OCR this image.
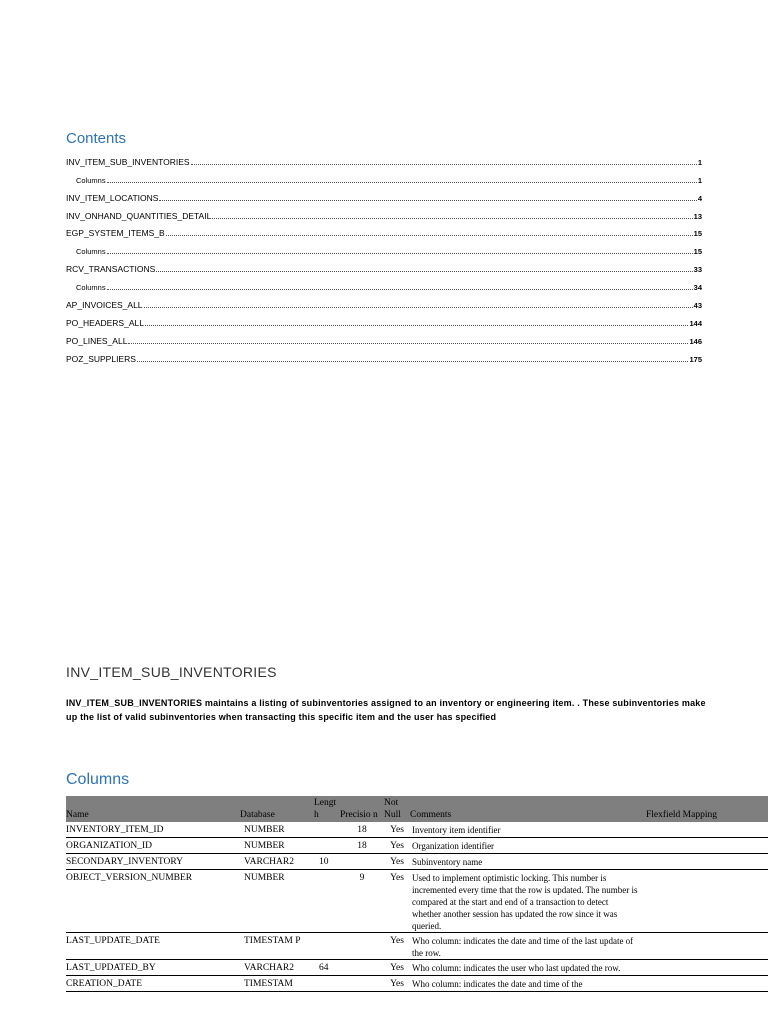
Contents
INV_ITEM_SUB_INVENTORIES	1
Columns	1
INV_ITEM_LOCATIONS	4
INV_ONHAND_QUANTITIES_DETAIL	13
EGP_SYSTEM_ITEMS_B	15
Columns	15
RCV_TRANSACTIONS	33
Columns	34
AP_INVOICES_ALL	43
PO_HEADERS_ALL	144
PO_LINES_ALL	146
POZ_SUPPLIERS	175
INV_ITEM_SUB_INVENTORIES
INV_ITEM_SUB_INVENTORIES maintains a listing of subinventories assigned to an inventory or engineering item. . These subinventories make up the list of valid subinventories when transacting this specific item and the user has specified
Columns
Name	Database	Lengt h	Precisio n	Not Null	Comments	Flexfield Mapping
INVENTORY_ITEM_ID	NUMBER		18	Yes	Inventory item identifier	
ORGANIZATION_ID	NUMBER		18	Yes	Organization identifier	
SECONDARY_INVENTORY	VARCHAR2	10		Yes	Subinventory name	
OBJECT_VERSION_NUMBER	NUMBER		9	Yes	Used to implement optimistic locking. This number is incremented every time that the row is updated. The number is compared at the start and end of a transaction to detect whether another session has updated the row since it was queried.	
LAST_UPDATE_DATE	TIMESTAM P			Yes	Who column: indicates the date and time of the last update of the row.	
LAST_UPDATED_BY	VARCHAR2	64		Yes	Who column: indicates the user who last updated the row.	
CREATION_DATE	TIMESTAM			Yes	Who column: indicates the date and time of the	
